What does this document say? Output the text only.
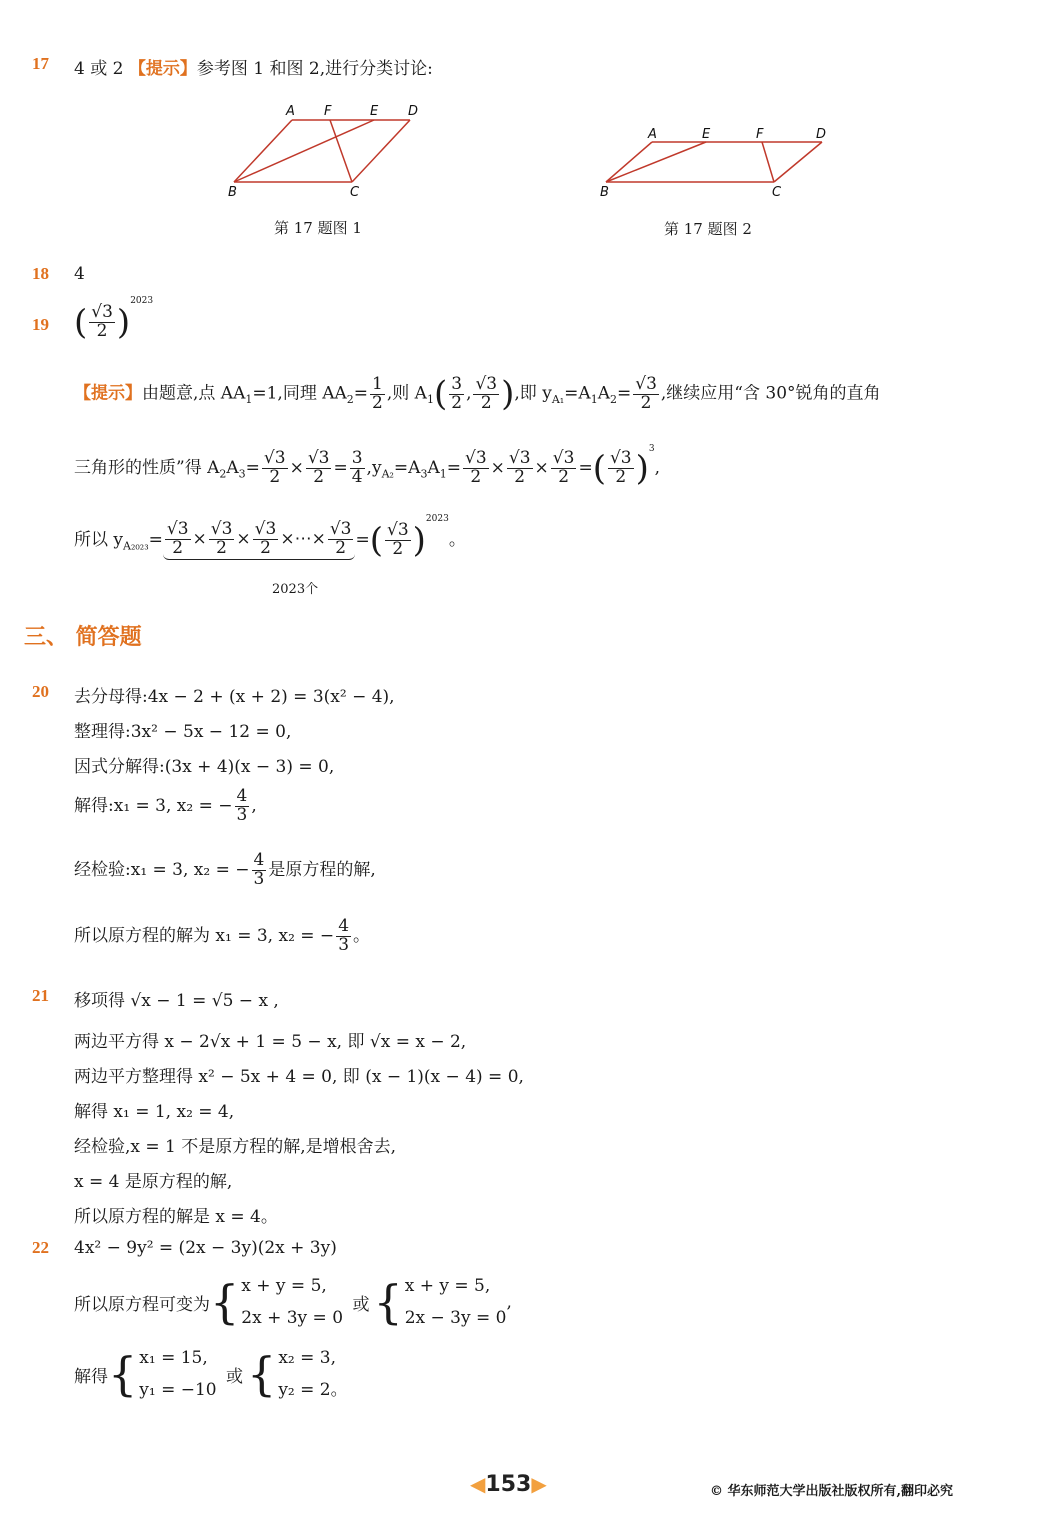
17 4 或 2 【提示】参考图 1 和图 2,进行分类讨论:
A F	E D
B	C
第 17 题图 1
A	E	F	D
B	C
第 17 题图 2
18 4
19 ( $\frac{√3}{2} )^{2023}$
【提示】由题意,点 $AA_1=1$,同理 $AA_2= \frac{1}{2}$ ,则 $A_1( \frac{3}{2}$ , $\frac{√3}{2}$ ),即 $y_{A_1}=A_1A_2= \frac{√3}{2}$ ,继续应用“含 30°锐角的直角
三角形的性质”得 $A_2A_3= \frac{√3}{2} \times \frac{√3}{2} = \frac{3}{4} ,y_{A_2}=A_3A_1= \frac{√3}{2} \times \frac{√3}{2} \times \frac{√3}{2}$ =( $\frac{√3}{2} )^3$,
所以 $y_{A_{2023}}= \frac{√3}{2} \times \frac{√3}{2} \times \frac{√3}{2}$ ×⋯× $\frac{√3}{2}$ =( $\frac{√3}{2} )^{2023}$。
2023个
三、 简答题
20 去分母得:4x − 2 + (x + 2) = 3(x² − 4),
整理得:3x² − 5x − 12 = 0,
因式分解得:(3x + 4)(x − 3) = 0,
解得:x₁ = 3, x₂ = − $\frac{4}{3}$ ,
经检验:x₁ = 3, x₂ = − $\frac{4}{3}$ 是原方程的解,
所以原方程的解为 x₁ = 3, x₂ = − $\frac{4}{3}$ 。
21 移项得 √x − 1 = √5 − x ,
两边平方得 x − 2√x + 1 = 5 − x, 即 √x = x − 2,
两边平方整理得 x² − 5x + 4 = 0, 即 (x − 1)(x − 4) = 0,
解得 x₁ = 1, x₂ = 4,
经检验,x = 1 不是原方程的解,是增根舍去,
x = 4 是原方程的解,
所以原方程的解是 x = 4。
22 4x² − 9y² = (2x − 3y)(2x + 3y)
所以原方程可变为{ x + y = 5,
2x + 3y = 0
或{ x + y = 5,
2x − 3y = 0
,
解得{ x₁ = 15,
y₁ = −10
或{ x₂ = 3,
y₂ = 2。
◀153▶	© 华东师范大学出版社版权所有,翻印必究
